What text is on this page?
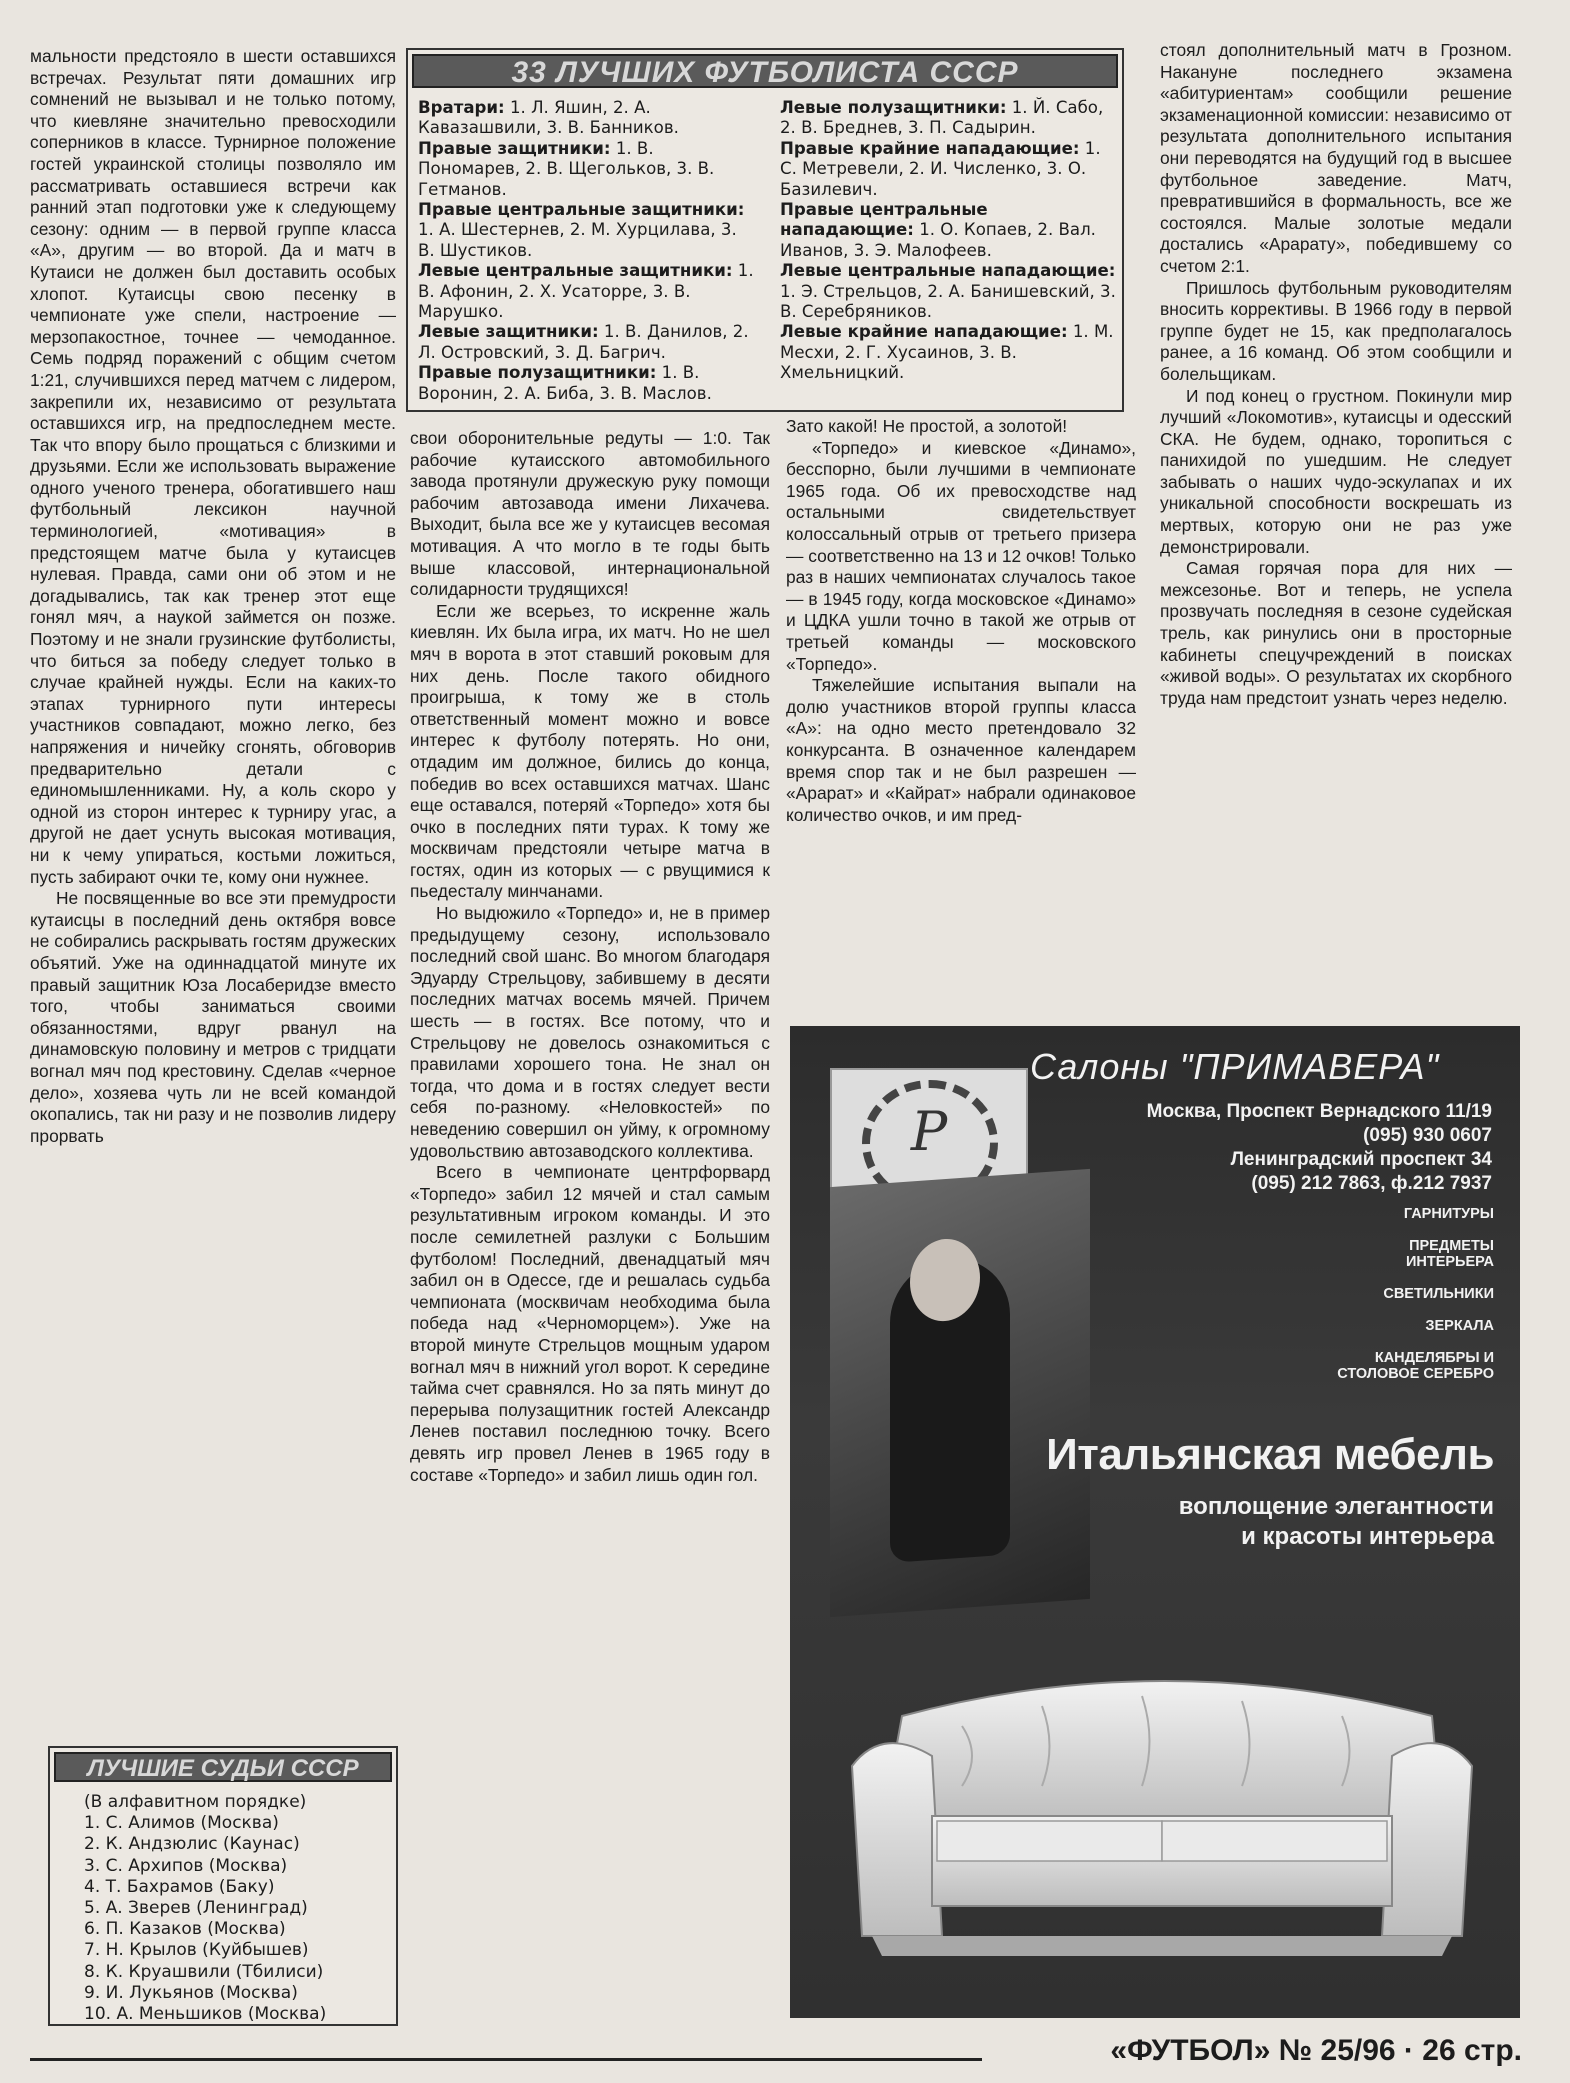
мальности предстояло в шести оставшихся встречах. Результат пяти домашних игр сомнений не вызывал и не только потому, что киевляне значительно превосходили соперников в классе. Турнирное положение гостей украинской столицы позволяло им рассматривать оставшиеся встречи как ранний этап подготовки уже к следующему сезону: одним — в первой группе класса «А», другим — во второй. Да и матч в Кутаиси не должен был доставить особых хлопот. Кутаисцы свою песенку в чемпионате уже спели, настроение — мерзопакостное, точнее — чемоданное. Семь подряд поражений с общим счетом 1:21, случившихся перед матчем с лидером, закрепили их, независимо от результата оставшихся игр, на предпоследнем месте. Так что впору было прощаться с близкими и друзьями. Если же использовать выражение одного ученого тренера, обогатившего наш футбольный лексикон научной терминологией, «мотивация» в предстоящем матче была у кутаисцев нулевая. Правда, сами они об этом и не догадывались, так как тренер этот еще гонял мяч, а наукой займется он позже. Поэтому и не знали грузинские футболисты, что биться за победу следует только в случае крайней нужды. Если на каких-то этапах турнирного пути интересы участников совпадают, можно легко, без напряжения и ничейку сгонять, обговорив предварительно детали с единомышленниками. Ну, а коль скоро у одной из сторон интерес к турниру угас, а другой не дает уснуть высокая мотивация, ни к чему упираться, костьми ложиться, пусть забирают очки те, кому они нужнее.

Не посвященные во все эти премудрости кутаисцы в последний день октября вовсе не собирались раскрывать гостям дружеских объятий. Уже на одиннадцатой минуте их правый защитник Юза Лосаберидзе вместо того, чтобы заниматься своими обязанностями, вдруг рванул на динамовскую половину и метров с тридцати вогнал мяч под крестовину. Сделав «черное дело», хозяева чуть ли не всей командой окопались, так ни разу и не позволив лидеру прорвать

33 ЛУЧШИХ ФУТБОЛИСТА СССР

Вратари: 1. Л. Яшин, 2. А. Кавазашвили, 3. В. Банников.

Правые защитники: 1. В. Пономарев, 2. В. Щегольков, 3. В. Гетманов.

Правые центральные защитники: 1. А. Шестернев, 2. М. Хурцилава, 3. В. Шустиков.

Левые центральные защитники: 1. В. Афонин, 2. Х. Усаторре, 3. В. Марушко.

Левые защитники: 1. В. Данилов, 2. Л. Островский, 3. Д. Багрич.

Правые полузащитники: 1. В. Воронин, 2. А. Биба, 3. В. Маслов.

Левые полузащитники: 1. Й. Сабо, 2. В. Бреднев, 3. П. Садырин.

Правые крайние нападающие: 1. С. Метревели, 2. И. Численко, 3. О. Базилевич.

Правые центральные нападающие: 1. О. Копаев, 2. Вал. Иванов, 3. Э. Малофеев.

Левые центральные нападающие: 1. Э. Стрельцов, 2. А. Банишевский, 3. В. Серебряников.

Левые крайние нападающие: 1. М. Месхи, 2. Г. Хусаинов, 3. В. Хмельницкий.

свои оборонительные редуты — 1:0. Так рабочие кутаисского автомобильного завода протянули дружескую руку помощи рабочим автозавода имени Лихачева. Выходит, была все же у кутаисцев весомая мотивация. А что могло в те годы быть выше классовой, интернациональной солидарности трудящихся!

Если же всерьез, то искренне жаль киевлян. Их была игра, их матч. Но не шел мяч в ворота в этот ставший роковым для них день. После такого обидного проигрыша, к тому же в столь ответственный момент можно и вовсе интерес к футболу потерять. Но они, отдадим им должное, бились до конца, победив во всех оставшихся матчах. Шанс еще оставался, потеряй «Торпедо» хотя бы очко в последних пяти турах. К тому же москвичам предстояли четыре матча в гостях, один из которых — с рвущимися к пьедесталу минчанами.

Но выдюжило «Торпедо» и, не в пример предыдущему сезону, использовало последний свой шанс. Во многом благодаря Эдуарду Стрельцову, забившему в десяти последних матчах восемь мячей. Причем шесть — в гостях. Все потому, что и Стрельцову не довелось ознакомиться с правилами хорошего тона. Не знал он тогда, что дома и в гостях следует вести себя по-разному. «Неловкостей» по неведению совершил он уйму, к огромному удовольствию автозаводского коллектива.

Всего в чемпионате центрфорвард «Торпедо» забил 12 мячей и стал самым результативным игроком команды. И это после семилетней разлуки с Большим футболом! Последний, двенадцатый мяч забил он в Одессе, где и решалась судьба чемпионата (москвичам необходима была победа над «Черноморцем»). Уже на второй минуте Стрельцов мощным ударом вогнал мяч в нижний угол ворот. К середине тайма счет сравнялся. Но за пять минут до перерыва полузащитник гостей Александр Ленев поставил последнюю точку. Всего девять игр провел Ленев в 1965 году в составе «Торпедо» и забил лишь один гол.

Зато какой! Не простой, а золотой!

«Торпедо» и киевское «Динамо», бесспорно, были лучшими в чемпионате 1965 года. Об их превосходстве над остальными свидетельствует колоссальный отрыв от третьего призера — соответственно на 13 и 12 очков! Только раз в наших чемпионатах случалось такое — в 1945 году, когда московское «Динамо» и ЦДКА ушли точно в такой же отрыв от третьей команды — московского «Торпедо».

Тяжелейшие испытания выпали на долю участников второй группы класса «А»: на одно место претендовало 32 конкурсанта. В означенное календарем время спор так и не был разрешен — «Арарат» и «Кайрат» набрали одинаковое количество очков, и им пред-

стоял дополнительный матч в Грозном. Накануне последнего экзамена «абитуриентам» сообщили решение экзаменационной комиссии: независимо от результата дополнительного испытания они переводятся на будущий год в высшее футбольное заведение. Матч, превратившийся в формальность, все же состоялся. Малые золотые медали достались «Арарату», победившему со счетом 2:1.

Пришлось футбольным руководителям вносить коррективы. В 1966 году в первой группе будет не 15, как предполагалось ранее, а 16 команд. Об этом сообщили и болельщикам.

И под конец о грустном. Покинули мир лучший «Локомотив», кутаисцы и одесский СКА. Не будем, однако, торопиться с панихидой по ушедшим. Не следует забывать о наших чудо-эскулапах и их уникальной способности воскрешать из мертвых, которую они не раз уже демонстрировали.

Самая горячая пора для них — межсезонье. Вот и теперь, не успела прозвучать последняя в сезоне судейская трель, как ринулись они в просторные кабинеты спецучреждений в поисках «живой воды». О результатах их скорбного труда нам предстоит узнать через неделю.

ЛУЧШИЕ СУДЬИ СССР
(В алфавитном порядке)
1. С. Алимов (Москва)
2. К. Андзюлис (Каунас)
3. С. Архипов (Москва)
4. Т. Бахрамов (Баку)
5. А. Зверев (Ленинград)
6. П. Казаков (Москва)
7. Н. Крылов (Куйбышев)
8. К. Круашвили (Тбилиси)
9. И. Лукьянов (Москва)
10. А. Меньшиков (Москва)
P
Салоны "ПРИМАВЕРА"
Москва, Проспект Вернадского 11/19
(095) 930 0607
Ленинградский проспект 34
(095) 212 7863, ф.212 7937
ГАРНИТУРЫ
ПРЕДМЕТЫ ИНТЕРЬЕРА
СВЕТИЛЬНИКИ
ЗЕРКАЛА
КАНДЕЛЯБРЫ И СТОЛОВОЕ СЕРЕБРО
Итальянская мебель
воплощение элегантности
и красоты интерьера
«ФУТБОЛ» № 25/96 · 26 стр.
